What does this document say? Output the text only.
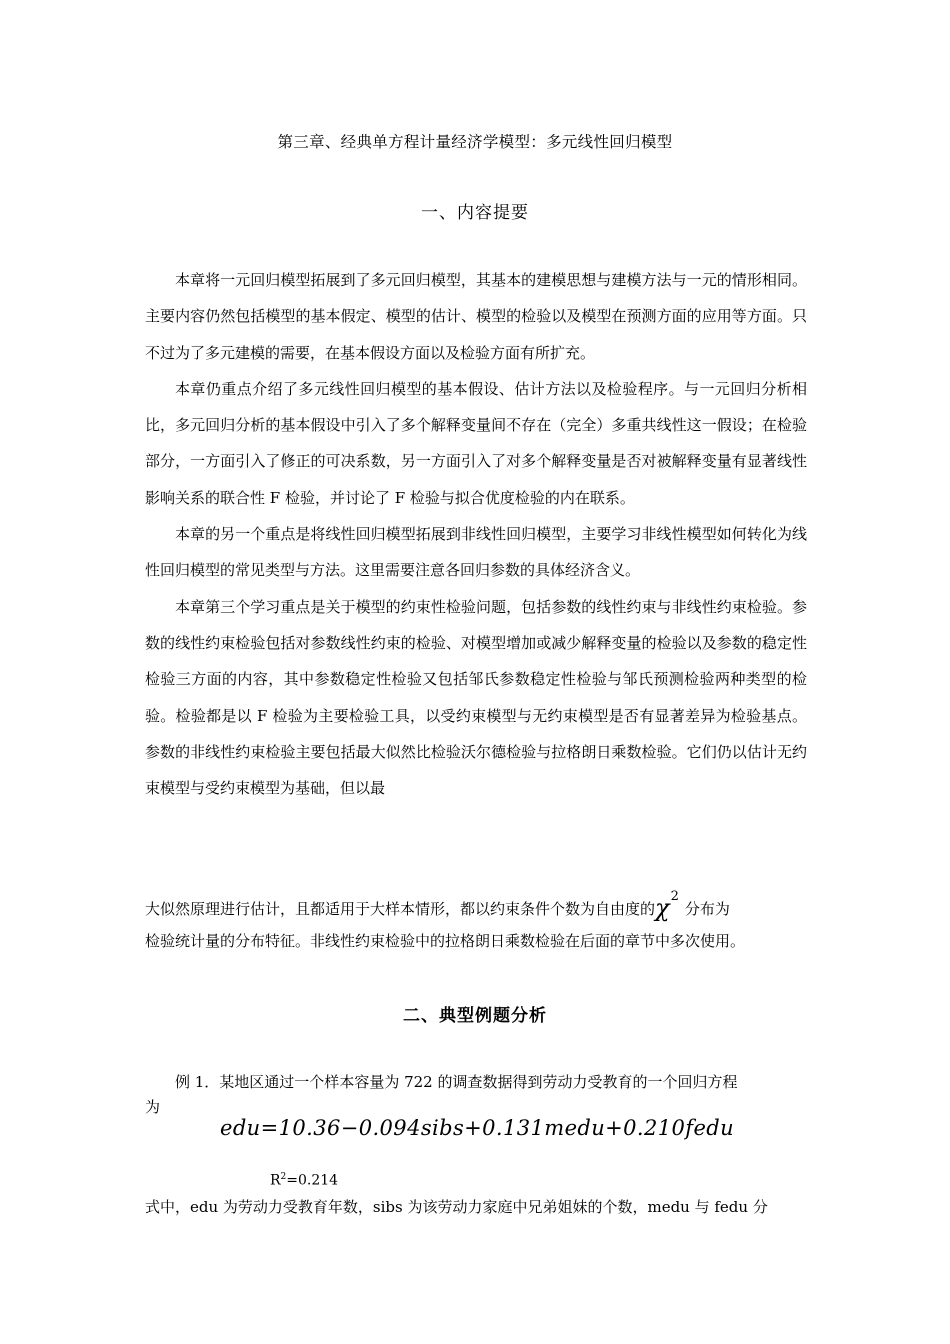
第三章、经典单方程计量经济学模型：多元线性回归模型
一、内容提要

本章将一元回归模型拓展到了多元回归模型，其基本的建模思想与建模方法与一元的情形相同。主要内容仍然包括模型的基本假定、模型的估计、模型的检验以及模型在预测方面的应用等方面。只不过为了多元建模的需要，在基本假设方面以及检验方面有所扩充。

本章仍重点介绍了多元线性回归模型的基本假设、估计方法以及检验程序。与一元回归分析相比，多元回归分析的基本假设中引入了多个解释变量间不存在（完全）多重共线性这一假设；在检验部分，一方面引入了修正的可决系数，另一方面引入了对多个解释变量是否对被解释变量有显著线性影响关系的联合性 F 检验，并讨论了 F 检验与拟合优度检验的内在联系。

本章的另一个重点是将线性回归模型拓展到非线性回归模型，主要学习非线性模型如何转化为线性回归模型的常见类型与方法。这里需要注意各回归参数的具体经济含义。

本章第三个学习重点是关于模型的约束性检验问题，包括参数的线性约束与非线性约束检验。参数的线性约束检验包括对参数线性约束的检验、对模型增加或减少解释变量的检验以及参数的稳定性检验三方面的内容，其中参数稳定性检验又包括邹氏参数稳定性检验与邹氏预测检验两种类型的检验。检验都是以 F 检验为主要检验工具，以受约束模型与无约束模型是否有显著差异为检验基点。参数的非线性约束检验主要包括最大似然比检验沃尔德检验与拉格朗日乘数检验。它们仍以估计无约束模型与受约束模型为基础，但以最

大似然原理进行估计，且都适用于大样本情形，都以约束条件个数为自由度的χ2分布为
检验统计量的分布特征。非线性约束检验中的拉格朗日乘数检验在后面的章节中多次使用。
二、典型例题分析
例 1．某地区通过一个样本容量为 722 的调查数据得到劳动力受教育的一个回归方程
为
edu=10.36−0.094sibs+0.131medu+0.210fedu
$R^2=0.214$
式中，edu 为劳动力受教育年数，sibs 为该劳动力家庭中兄弟姐妹的个数，medu 与 fedu 分
